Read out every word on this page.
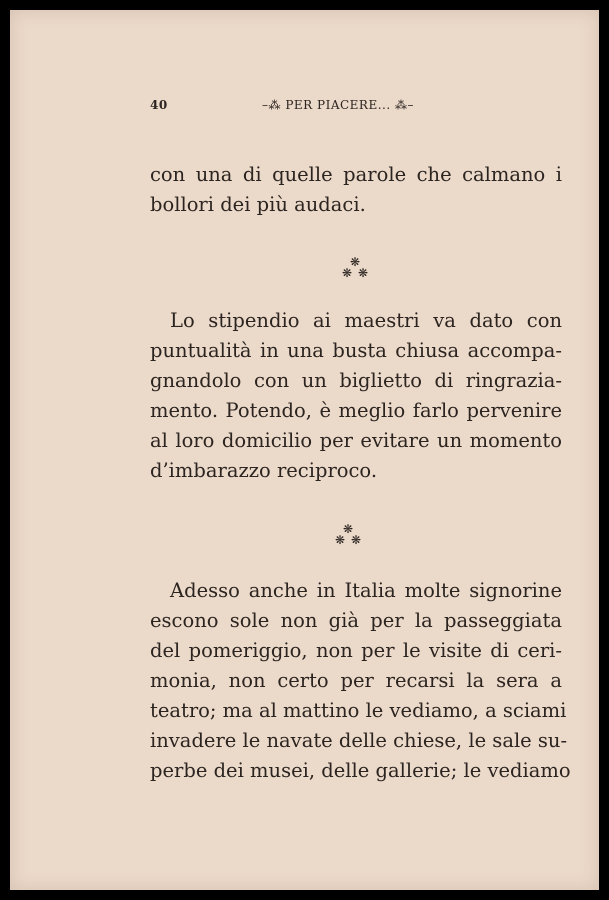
40	–⁂ PER PIACERE... ⁂–
con una di quelle parole che calmano i
bollori dei più audaci.
❋
❋ ❋
Lo stipendio ai maestri va dato con
puntualità in una busta chiusa accompa-
gnandolo con un biglietto di ringrazia-
mento. Potendo, è meglio farlo pervenire
al loro domicilio per evitare un momento
d’imbarazzo reciproco.
❋
❋ ❋
Adesso anche in Italia molte signorine
escono sole non già per la passeggiata
del pomeriggio, non per le visite di ceri-
monia, non certo per recarsi la sera a
teatro; ma al mattino le vediamo, a sciami
invadere le navate delle chiese, le sale su-
perbe dei musei, delle gallerie; le vediamo
